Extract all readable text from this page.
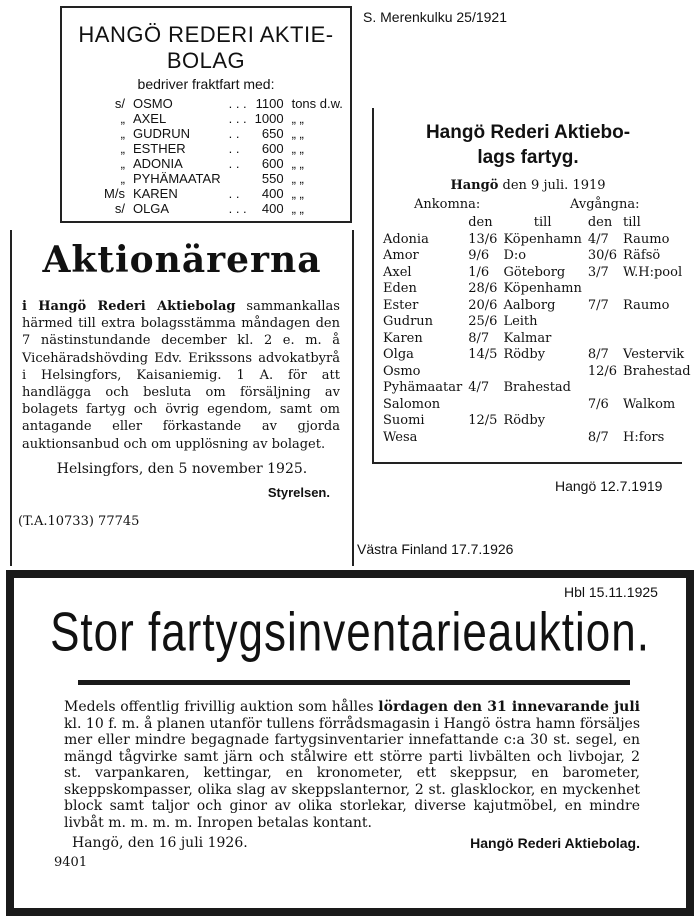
S. Merenkulku 25/1921
Hangö 12.7.1919
Västra Finland 17.7.1926
Hbl 15.11.1925
HANGÖ REDERI AKTIE-
BOLAG
bedriver fraktfart med:
s/	OSMO	. . .	1100	tons d.w.
„	AXEL	. . .	1000	„ „
„	GUDRUN	. .	650	„ „
„	ESTHER	. .	600	„ „
„	ADONIA	. .	600	„ „
„	PYHÄMAATAR		550	„ „
M/s	KAREN	. .	400	„ „
s/	OLGA	. . .	400	„ „
Aktionärerna
i Hangö Rederi Aktiebolag sammankallas härmed till extra bolagsstämma måndagen den 7 nästinstundande december kl. 2 e. m. å Vicehäradshövding Edv. Erikssons advokatbyrå i Helsingfors, Kaisaniemig. 1 A. för att handlägga och besluta om försäljning av bolagets fartyg och övrig egendom, samt om antagande eller förkastande av gjorda auktionsanbud och om upplösning av bolaget.
Helsingfors, den 5 november 1925.
Styrelsen.
(T.A.10733) 77745
Hangö Rederi Aktiebo-
lags fartyg.
Hangö den 9 juli. 1919
Ankomna:	Avgångna:
	den	till	den	till
Adonia	13/6	Köpenhamn	4/7	Raumo
Amor	9/6	D:o	30/6	Räfsö
Axel	1/6	Göteborg	3/7	W.H:pool
Eden	28/6	Köpenhamn		
Ester	20/6	Aalborg	7/7	Raumo
Gudrun	25/6	Leith		
Karen	8/7	Kalmar		
Olga	14/5	Rödby	8/7	Vestervik
Osmo			12/6	Brahestad
Pyhämaatar	4/7	Brahestad		
Salomon			7/6	Walkom
Suomi	12/5	Rödby		
Wesa			8/7	H:fors
Stor fartygsinventarieauktion.
Medels offentlig frivillig auktion som hålles lördagen den 31 innevarande juli kl. 10 f. m. å planen utanför tullens förrådsmagasin i Hangö östra hamn försäljes mer eller mindre begagnade fartygsinventarier innefattande c:a 30 st. segel, en mängd tågvirke samt järn och stålwire ett större parti livbälten och livbojar, 2 st. varpankaren, kettingar, en kronometer, ett skeppsur, en barometer, skeppskompasser, olika slag av skeppslanternor, 2 st. glasklockor, en myckenhet block samt taljor och ginor av olika storlekar, diverse kajutmöbel, en mindre livbåt m. m. m. m. Inropen betalas kontant.
Hangö, den 16 juli 1926.	Hangö Rederi Aktiebolag.
9401
